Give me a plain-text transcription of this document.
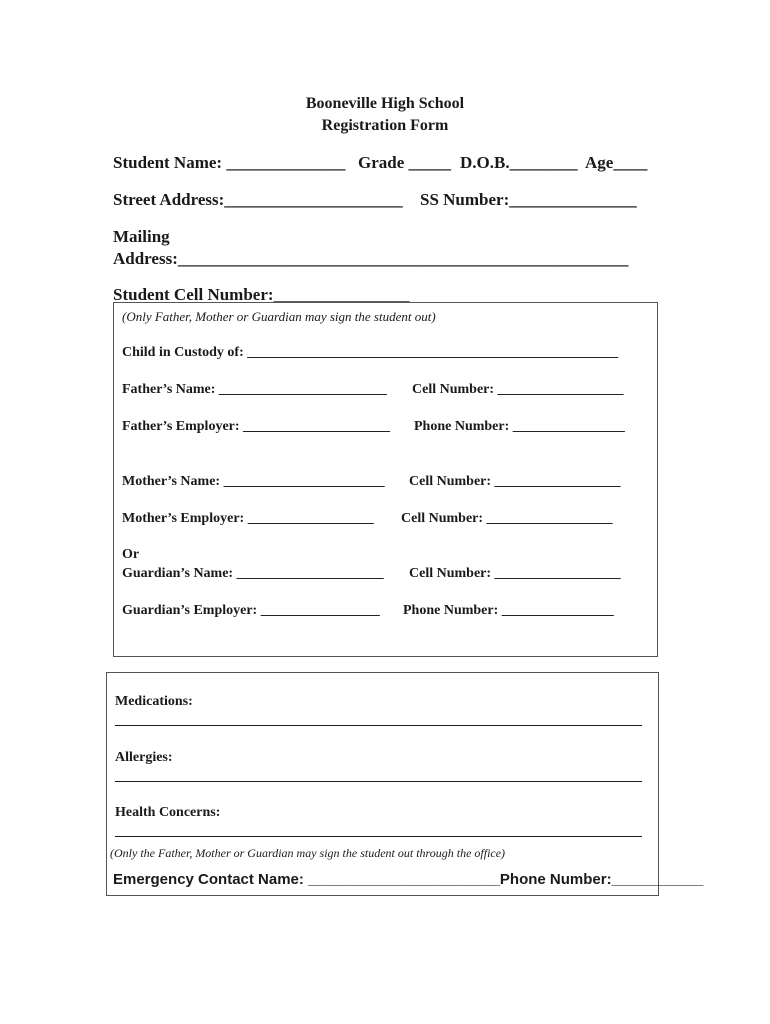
Booneville High School
Registration Form
Student Name: ______________ Grade _____ D.O.B.________ Age____
Street Address:_____________________ SS Number:_______________
Mailing
Address:_____________________________________________________
Student Cell Number:________________
(Only Father, Mother or Guardian may sign the student out)
Child in Custody of: _____________________________________________________
Father’s Name: ________________________ Cell Number: __________________
Father’s Employer: _____________________ Phone Number: ________________
Mother’s Name: _______________________ Cell Number: __________________
Mother’s Employer: __________________ Cell Number: __________________
Or
Guardian’s Name: _____________________ Cell Number: __________________
Guardian’s Employer: _________________ Phone Number: ________________
Medications:
Allergies:
Health Concerns:
(Only the Father, Mother or Guardian may sign the student out through the office)
Emergency Contact Name: _______________________Phone Number:___________
